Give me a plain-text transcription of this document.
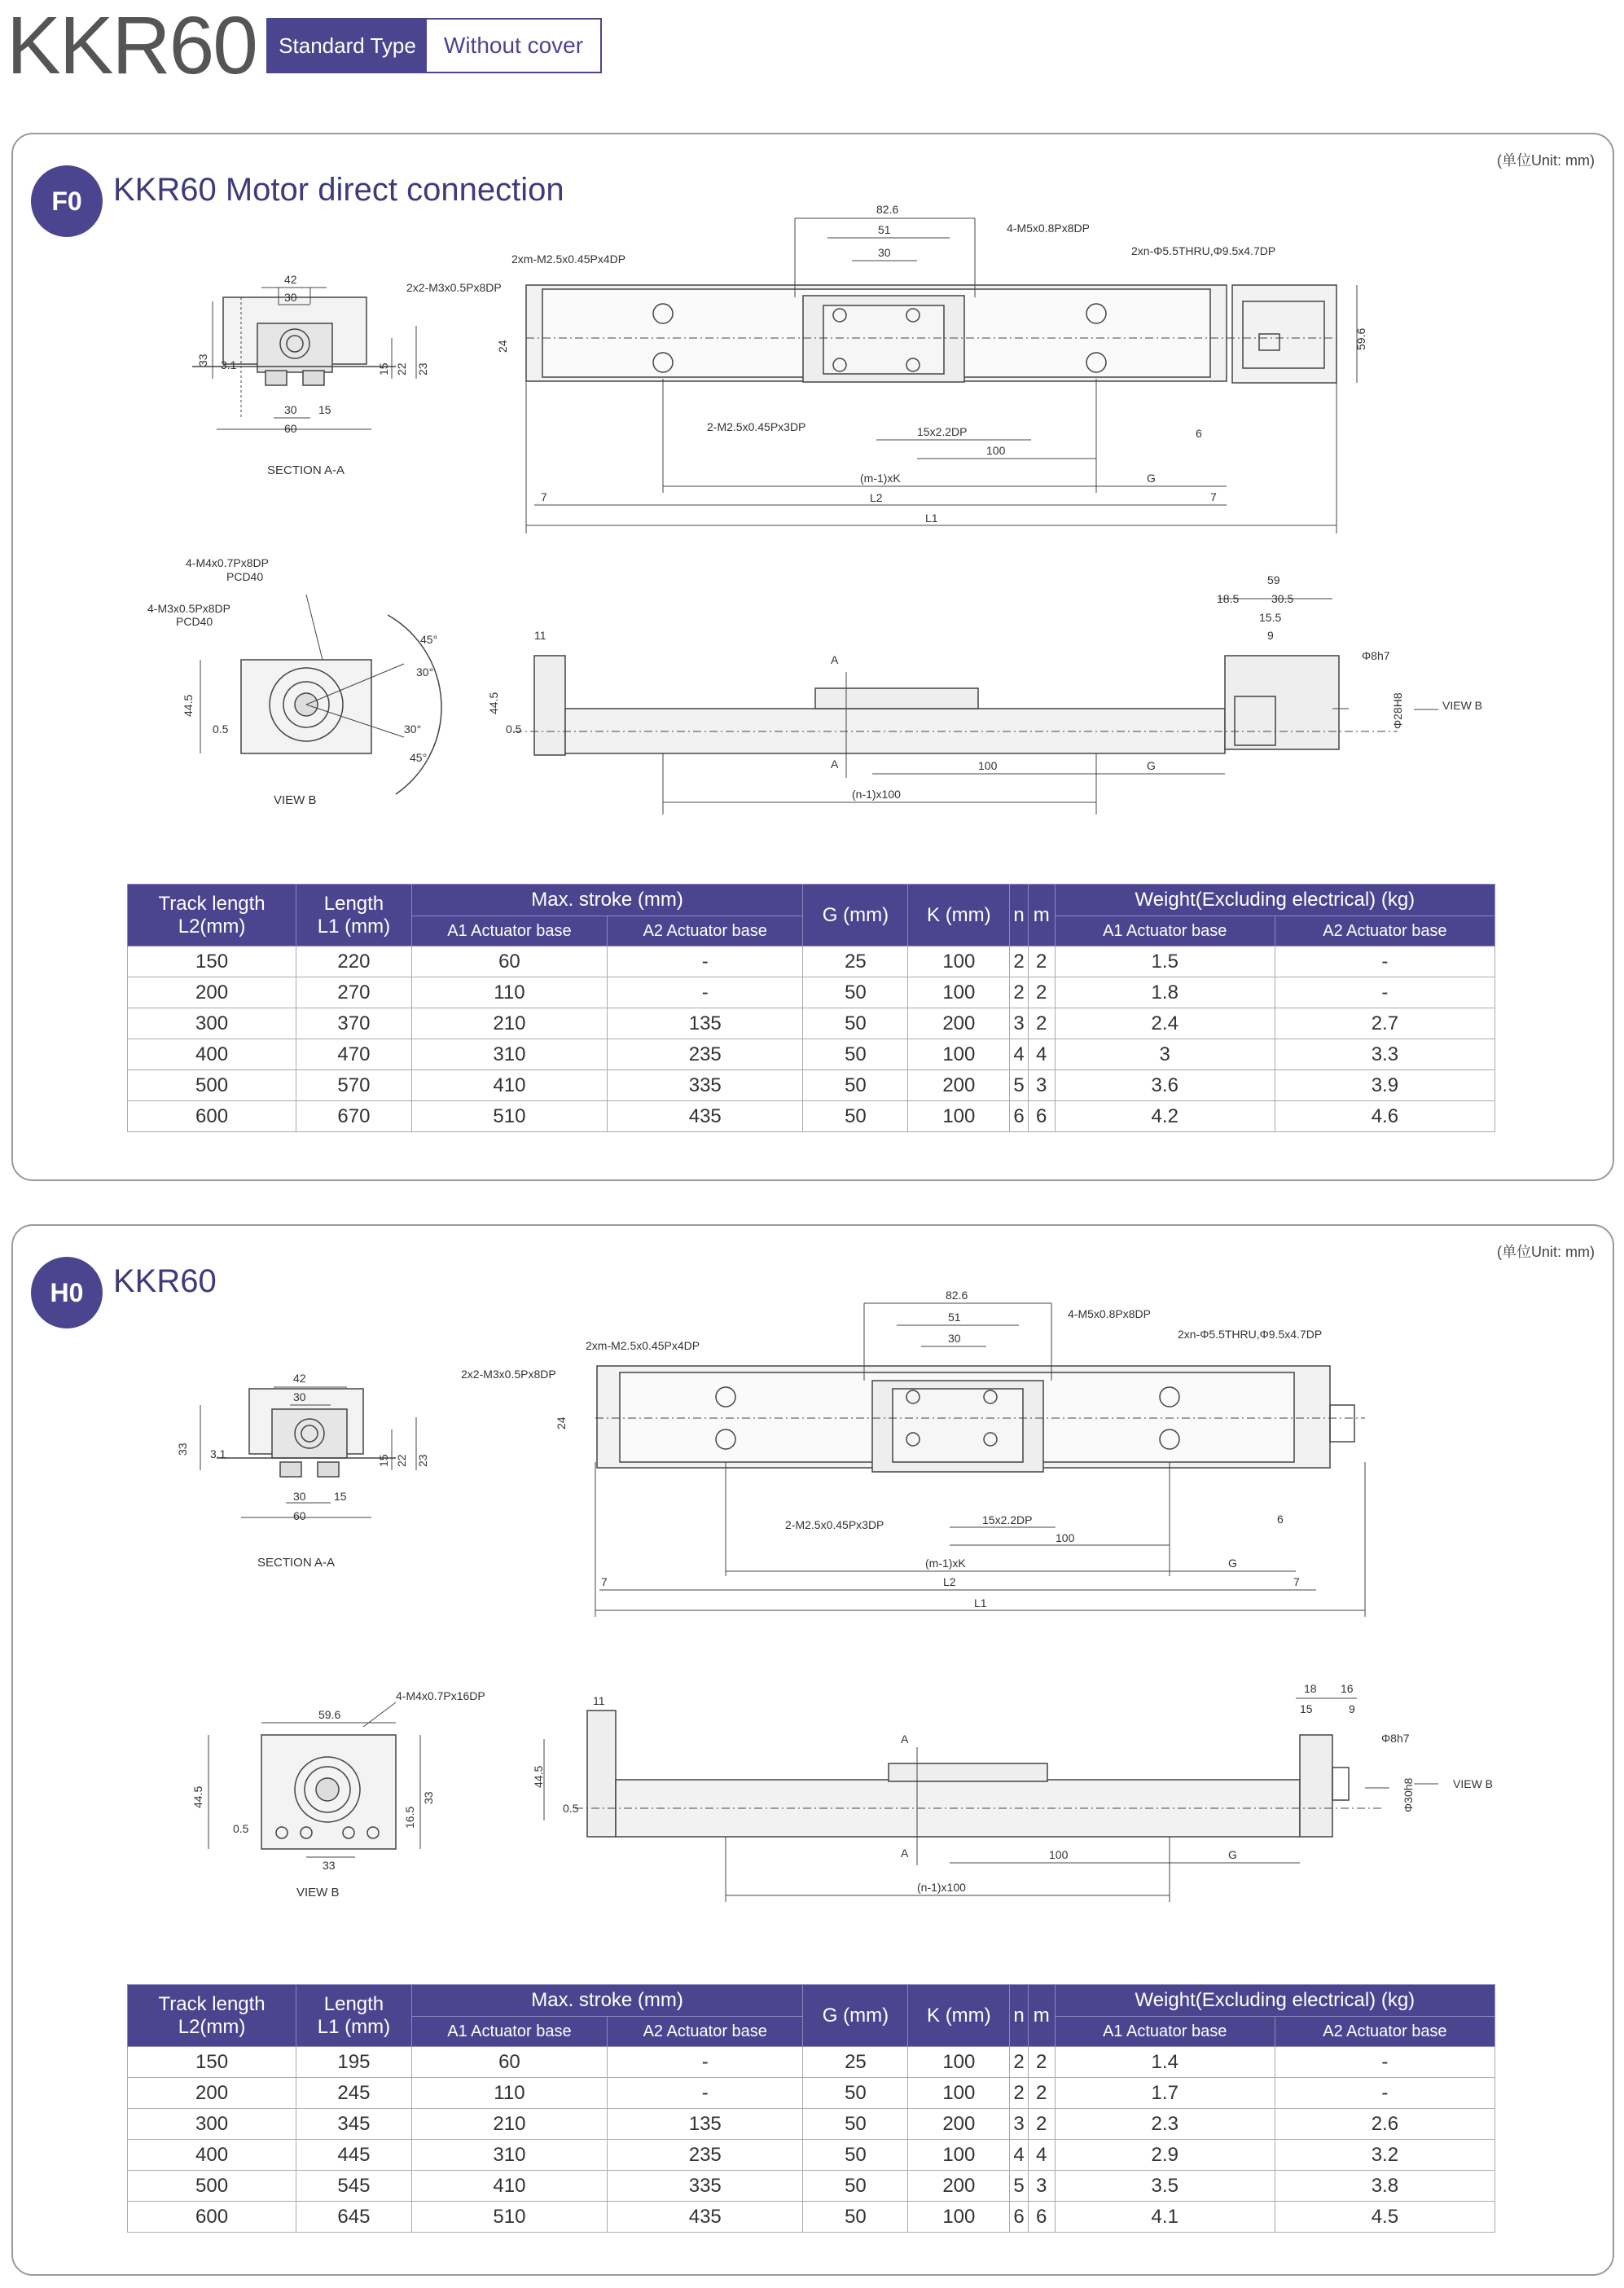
KKR60	Standard Type	Without cover
(单位Unit: mm)
F0 KKR60 Motor direct connection
42
30
30 15
60
33 3.1	15 22 23
SECTION A-A
82.6
51
30
4-M5x0.8Px8DP
2xm-M2.5x0.45Px4DP
2x2-M3x0.5Px8DP
2xn-Φ5.5THRU,Φ9.5x4.7DP
24	59.6
2-M2.5x0.45Px3DP	15x2.2DP
100
(m-1)xK	G
L2
L1
7	7
6
4-M4x0.7Px8DP
PCD40
4-M3x0.5Px8DP
PCD40
44.5
0.5
45°
30°
30°
45°
VIEW B
11
59
18.5	30.5
15.5
9
Φ8h7
Φ28H8	VIEW B
44.5
0.5
A
A	100	G
(n-1)x100
Track length
L2(mm)	Length
L1 (mm)	Max. stroke (mm)		G (mm)	K (mm)	n	m	Weight(Excluding electrical) (kg)	
		A1 Actuator base	A2 Actuator base					A1 Actuator base	A2 Actuator base
150	220	60	-	25	100	2	2	1.5	-
200	270	110	-	50	100	2	2	1.8	-
300	370	210	135	50	200	3	2	2.4	2.7
400	470	310	235	50	100	4	4	3	3.3
500	570	410	335	50	200	5	3	3.6	3.9
600	670	510	435	50	100	6	6	4.2	4.6
(单位Unit: mm)
H0 KKR60
42
30
30 15
60
33 3.1
15 22 23
SECTION A-A
82.6
51
30
4-M5x0.8Px8DP
2xm-M2.5x0.45Px4DP
2x2-M3x0.5Px8DP
2xn-Φ5.5THRU,Φ9.5x4.7DP
24
2-M2.5x0.45Px3DP	15x2.2DP
100
(m-1)xK	G
L2
L1
7	7
6
4-M4x0.7Px16DP
59.6
44.5	33
16.5
33
0.5
VIEW B
11
18 16
15	9
Φ8h7
Φ30h8	VIEW B
44.5
0.5
A
A	100	G
(n-1)x100
Track length
L2(mm)	Length
L1 (mm)	Max. stroke (mm)		G (mm)	K (mm)	n	m	Weight(Excluding electrical) (kg)	
		A1 Actuator base	A2 Actuator base					A1 Actuator base	A2 Actuator base
150	195	60	-	25	100	2	2	1.4	-
200	245	110	-	50	100	2	2	1.7	-
300	345	210	135	50	200	3	2	2.3	2.6
400	445	310	235	50	100	4	4	2.9	3.2
500	545	410	335	50	200	5	3	3.5	3.8
600	645	510	435	50	100	6	6	4.1	4.5
